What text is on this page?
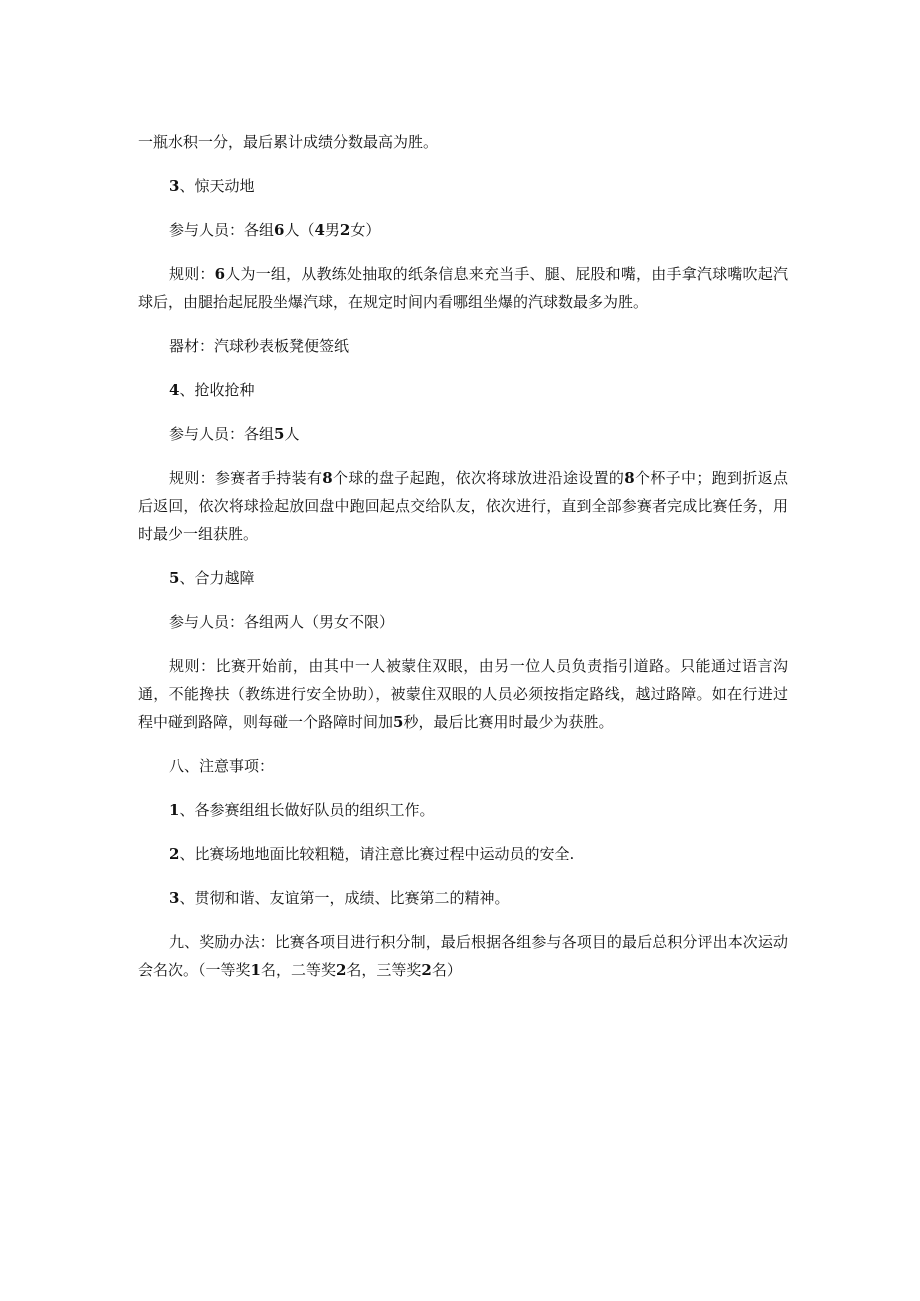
一瓶水积一分，最后累计成绩分数最高为胜。

3、惊天动地

参与人员：各组6人（4男2女）

规则：6人为一组，从教练处抽取的纸条信息来充当手、腿、屁股和嘴，由手拿汽球嘴吹起汽球后，由腿抬起屁股坐爆汽球，在规定时间内看哪组坐爆的汽球数最多为胜。

器材：汽球秒表板凳便签纸

4、抢收抢种

参与人员：各组5人

规则：参赛者手持装有8个球的盘子起跑，依次将球放进沿途设置的8个杯子中；跑到折返点后返回，依次将球捡起放回盘中跑回起点交给队友，依次进行，直到全部参赛者完成比赛任务，用时最少一组获胜。

5、合力越障

参与人员：各组两人（男女不限）

规则：比赛开始前，由其中一人被蒙住双眼，由另一位人员负责指引道路。只能通过语言沟通，不能搀扶（教练进行安全协助），被蒙住双眼的人员必须按指定路线，越过路障。如在行进过程中碰到路障，则每碰一个路障时间加5秒，最后比赛用时最少为获胜。

八、注意事项：

1、各参赛组组长做好队员的组织工作。

2、比赛场地地面比较粗糙，请注意比赛过程中运动员的安全.

3、贯彻和谐、友谊第一，成绩、比赛第二的精神。

九、奖励办法：比赛各项目进行积分制，最后根据各组参与各项目的最后总积分评出本次运动会名次。（一等奖1名，二等奖2名，三等奖2名）
